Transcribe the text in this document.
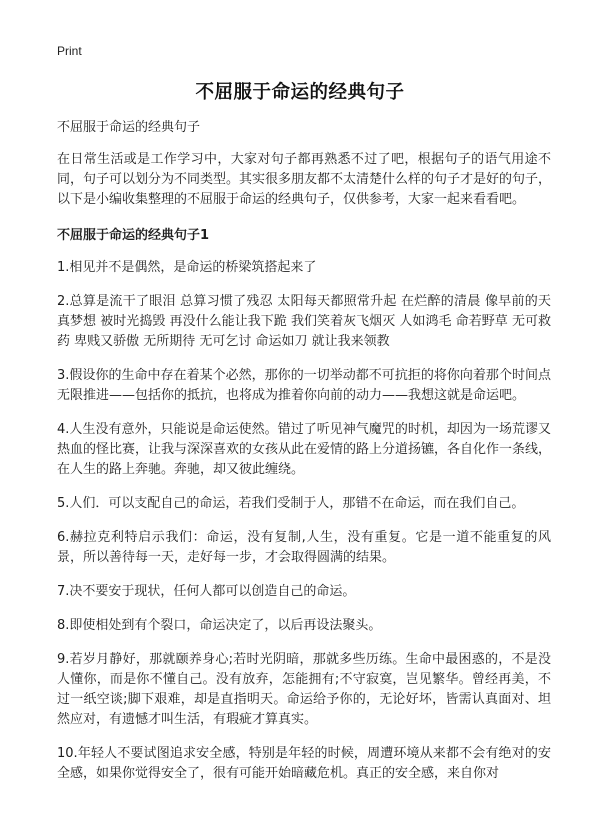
Print
不屈服于命运的经典句子

不屈服于命运的经典句子

在日常生活或是工作学习中，大家对句子都再熟悉不过了吧，根据句子的语气用途不同，句子可以划分为不同类型。其实很多朋友都不太清楚什么样的句子才是好的句子，以下是小编收集整理的不屈服于命运的经典句子，仅供参考，大家一起来看看吧。

不屈服于命运的经典句子1

1.相见并不是偶然，是命运的桥梁筑搭起来了

2.总算是流干了眼泪 总算习惯了残忍 太阳每天都照常升起 在烂醉的清晨 像早前的天真梦想 被时光捣毁 再没什么能让我下跪 我们笑着灰飞烟灭 人如鸿毛 命若野草 无可救药 卑贱又骄傲 无所期待 无可乞讨 命运如刀 就让我来领教

3.假设你的生命中存在着某个必然，那你的一切举动都不可抗拒的将你向着那个时间点无限推进——包括你的抵抗，也将成为推着你向前的动力——我想这就是命运吧。

4.人生没有意外，只能说是命运使然。错过了听见神气魔咒的时机，却因为一场荒谬又热血的怪比赛，让我与深深喜欢的女孩从此在爱情的路上分道扬镳，各自化作一条线，在人生的路上奔驰。奔驰，却又彼此缠绕。

5.人们．可以支配自己的命运，若我们受制于人，那错不在命运，而在我们自己。

6.赫拉克利特启示我们：命运，没有复制,人生，没有重复。它是一道不能重复的风景，所以善待每一天，走好每一步，才会取得圆满的结果。

7.决不要安于现状，任何人都可以创造自己的命运。

8.即使相处到有个裂口，命运决定了，以后再设法聚头。

9.若岁月静好，那就颐养身心;若时光阴暗，那就多些历练。生命中最困惑的，不是没人懂你，而是你不懂自己。没有放弃，怎能拥有;不守寂寞，岂见繁华。曾经再美，不过一纸空谈;脚下艰难，却是直指明天。命运给予你的，无论好坏，皆需认真面对、坦然应对，有遗憾才叫生活，有瑕疵才算真实。

10.年轻人不要试图追求安全感，特别是年轻的时候，周遭环境从来都不会有绝对的安全感，如果你觉得安全了，很有可能开始暗藏危机。真正的安全感，来自你对
